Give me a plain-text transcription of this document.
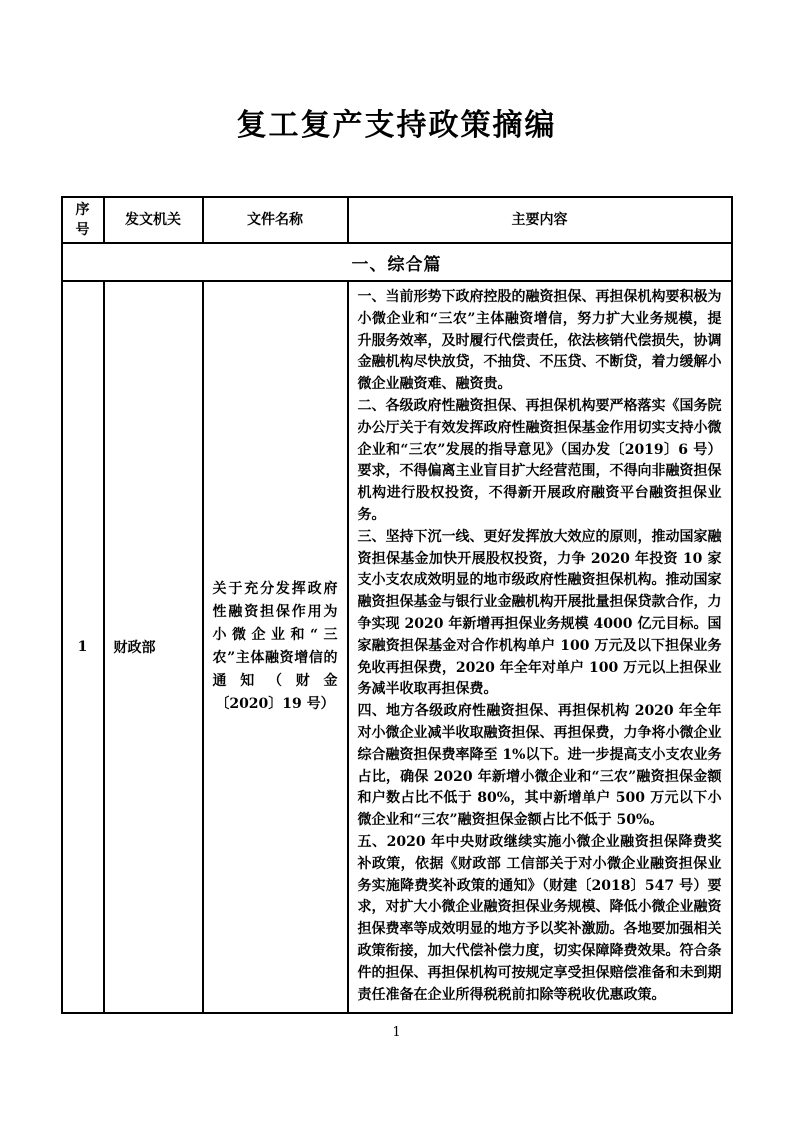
复工复产支持政策摘编
序号	发文机关	文件名称	主要内容
一、综合篇			
1	财政部	关于充分发挥政府性融资担保作用为小微企业和“三农”主体融资增信的通知（财金〔2020〕19 号）	一、当前形势下政府控股的融资担保、再担保机构要积极为小微企业和“三农”主体融资增信，努力扩大业务规模，提升服务效率，及时履行代偿责任，依法核销代偿损失，协调金融机构尽快放贷，不抽贷、不压贷、不断贷，着力缓解小微企业融资难、融资贵。

二、各级政府性融资担保、再担保机构要严格落实《国务院办公厅关于有效发挥政府性融资担保基金作用切实支持小微企业和“三农”发展的指导意见》（国办发〔2019〕6 号）要求，不得偏离主业盲目扩大经营范围，不得向非融资担保机构进行股权投资，不得新开展政府融资平台融资担保业务。

三、坚持下沉一线、更好发挥放大效应的原则，推动国家融资担保基金加快开展股权投资，力争 2020 年投资 10 家支小支农成效明显的地市级政府性融资担保机构。推动国家融资担保基金与银行业金融机构开展批量担保贷款合作，力争实现 2020 年新增再担保业务规模 4000 亿元目标。国家融资担保基金对合作机构单户 100 万元及以下担保业务免收再担保费，2020 年全年对单户 100 万元以上担保业务减半收取再担保费。

四、地方各级政府性融资担保、再担保机构 2020 年全年对小微企业减半收取融资担保、再担保费，力争将小微企业综合融资担保费率降至 1%以下。进一步提高支小支农业务占比，确保 2020 年新增小微企业和“三农”融资担保金额和户数占比不低于 80%，其中新增单户 500 万元以下小微企业和“三农”融资担保金额占比不低于 50%。

五、2020 年中央财政继续实施小微企业融资担保降费奖补政策，依据《财政部 工信部关于对小微企业融资担保业务实施降费奖补政策的通知》（财建〔2018〕547 号）要求，对扩大小微企业融资担保业务规模、降低小微企业融资担保费率等成效明显的地方予以奖补激励。各地要加强相关政策衔接，加大代偿补偿力度，切实保障降费效果。符合条件的担保、再担保机构可按规定享受担保赔偿准备和未到期责任准备在企业所得税税前扣除等税收优惠政策。

1
